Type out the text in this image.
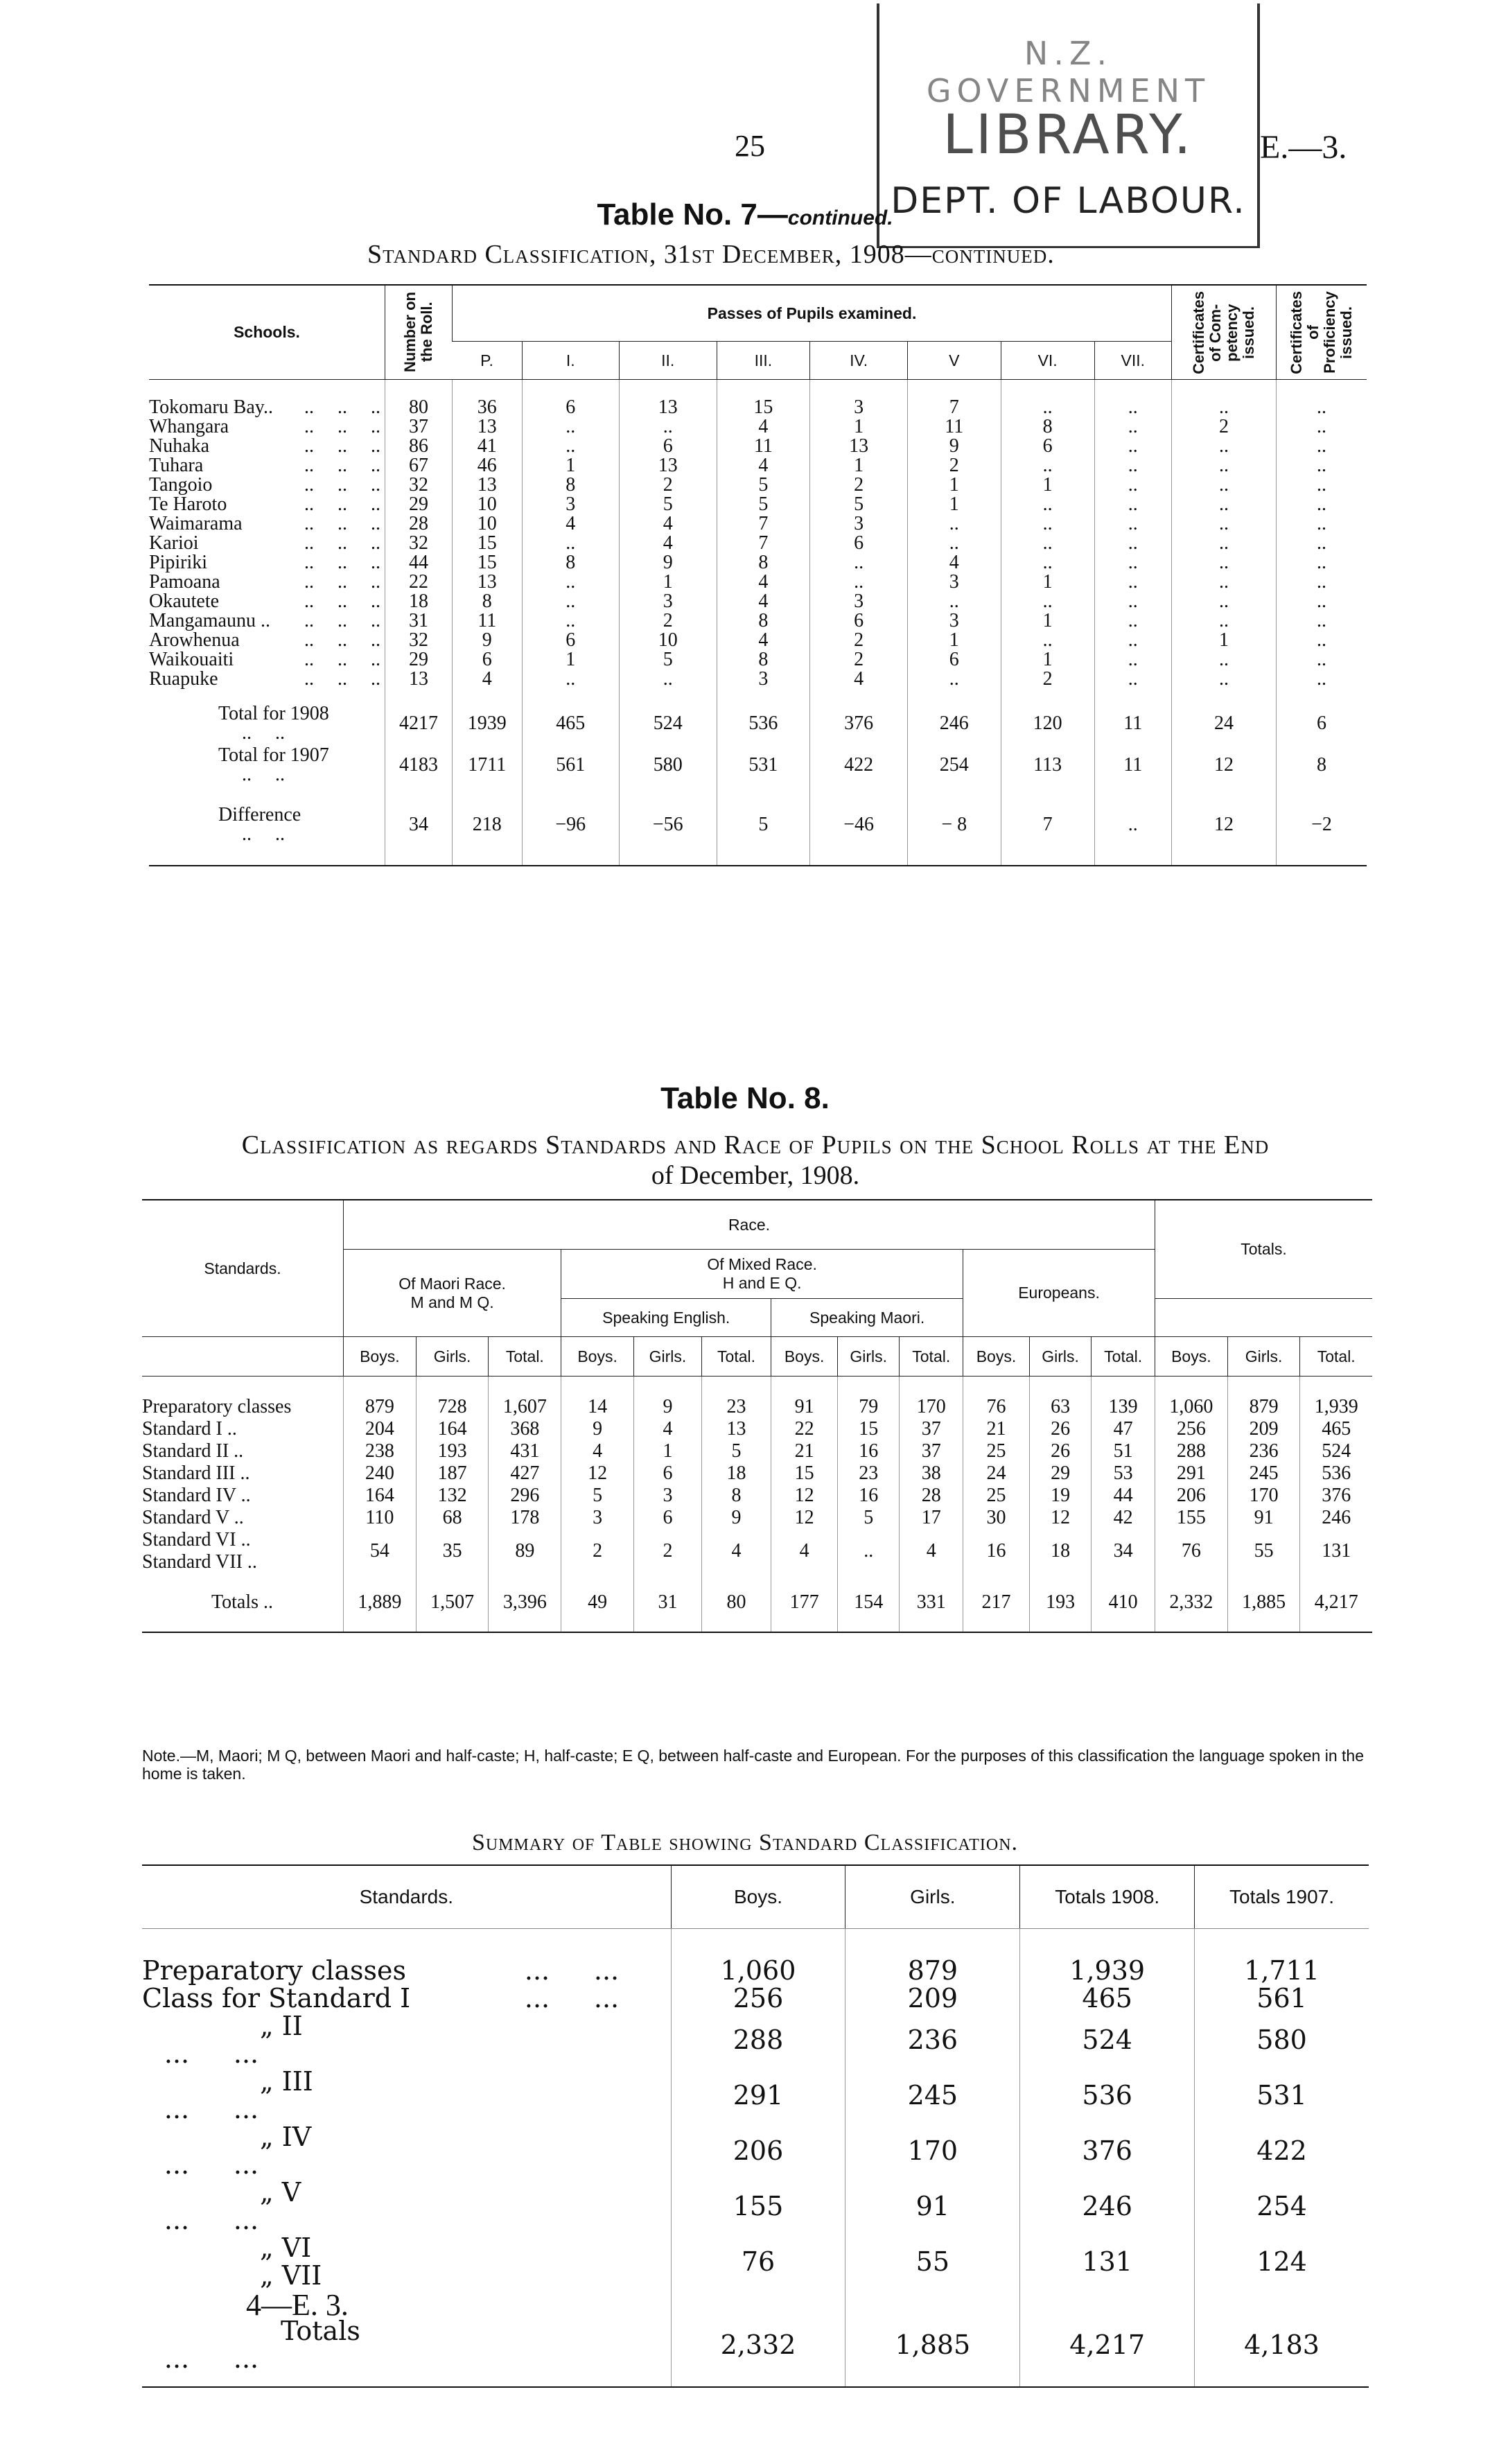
25	E.—3.
N.Z. GOVERNMENT
LIBRARY.
DEPT. OF LABOUR.
Table No. 7—continued.
Standard Classification, 31st December, 1908—continued.
Schools.	Number on
the Roll.	Passes of Pupils examined.								Certificates
of Com-
petency
issued.	Certificates
of
Proficiency
issued.

		P.	I.	II.	III.	IV.	V	VI.	VII.		
Tokomaru Bay.. .. .. ..	80	36	6	13	15	3	7	..	..	..	..
Whangara .. .. ..	37	13	..	..	4	1	11	8	..	2	..
Nuhaka .. .. ..	86	41	..	6	11	13	9	6	..	..	..
Tuhara .. .. ..	67	46	1	13	4	1	2	..	..	..	..
Tangoio .. .. ..	32	13	8	2	5	2	1	1	..	..	..
Te Haroto .. .. ..	29	10	3	5	5	5	1	..	..	..	..
Waimarama .. .. ..	28	10	4	4	7	3	..	..	..	..	..
Karioi .. .. ..	32	15	..	4	7	6	..	..	..	..	..
Pipiriki .. .. ..	44	15	8	9	8	..	4	..	..	..	..
Pamoana .. .. ..	22	13	..	1	4	..	3	1	..	..	..
Okautete .. .. ..	18	8	..	3	4	3	..	..	..	..	..
Mangamaunu .. .. .. ..	31	11	..	2	8	6	3	1	..	..	..
Arowhenua .. .. ..	32	9	6	10	4	2	1	..	..	1	..
Waikouaiti .. .. ..	29	6	1	5	8	2	6	1	..	..	..
Ruapuke .. .. ..	13	4	..	..	3	4	..	2	..	..	..
Total for 1908.. ..	4217	1939	465	524	536	376	246	120	11	24	6
Total for 1907.. ..	4183	1711	561	580	531	422	254	113	11	12	8
Difference.. ..	34	218	−96	−56	5	−46	− 8	7	..	12	−2
Table No. 8.
Classification as regards Standards and Race of Pupils on the School Rolls at the End
of December, 1908.
Standards.	Race.												Totals.		
	Of Maori Race.
M and M Q.			Of Mixed Race.
H and E Q.						Europeans.					
				Speaking English.			Speaking Maori.								
	Boys.	Girls.	Total.	Boys.	Girls.	Total.	Boys.	Girls.	Total.	Boys.	Girls.	Total.	Boys.	Girls.	Total.
Preparatory classes	879	728	1,607	14	9	23	91	79	170	76	63	139	1,060	879	1,939
Standard I ..	204	164	368	9	4	13	22	15	37	21	26	47	256	209	465
Standard II ..	238	193	431	4	1	5	21	16	37	25	26	51	288	236	524
Standard III ..	240	187	427	12	6	18	15	23	38	24	29	53	291	245	536
Standard IV ..	164	132	296	5	3	8	12	16	28	25	19	44	206	170	376
Standard V ..	110	68	178	3	6	9	12	5	17	30	12	42	155	91	246

Standard VI ..
Standard VII ..	54	35	89	2	2	4	4	..	4	16	18	34	76	55	131
Totals ..	1,889	1,507	3,396	49	31	80	177	154	331	217	193	410	2,332	1,885	4,217
Note.—M, Maori; M Q, between Maori and half-caste; H, half-caste; E Q, between half-caste and European. For the purposes of this classification the language spoken in the home is taken.
Summary of Table showing Standard Classification.
Standards.	Boys.	Girls.	Totals 1908.	Totals 1907.
Preparatory classes ... ...	1,060	879	1,939	1,711
Class for Standard I ... ...	256	209	465	561
„ II... ...	288	236	524	580
„ III... ...	291	245	536	531
„ IV... ...	206	170	376	422
„ V... ...	155	91	246	254

„ VI
„ VII	76	55	131	124
Totals... ...	2,332	1,885	4,217	4,183
4—E. 3.
